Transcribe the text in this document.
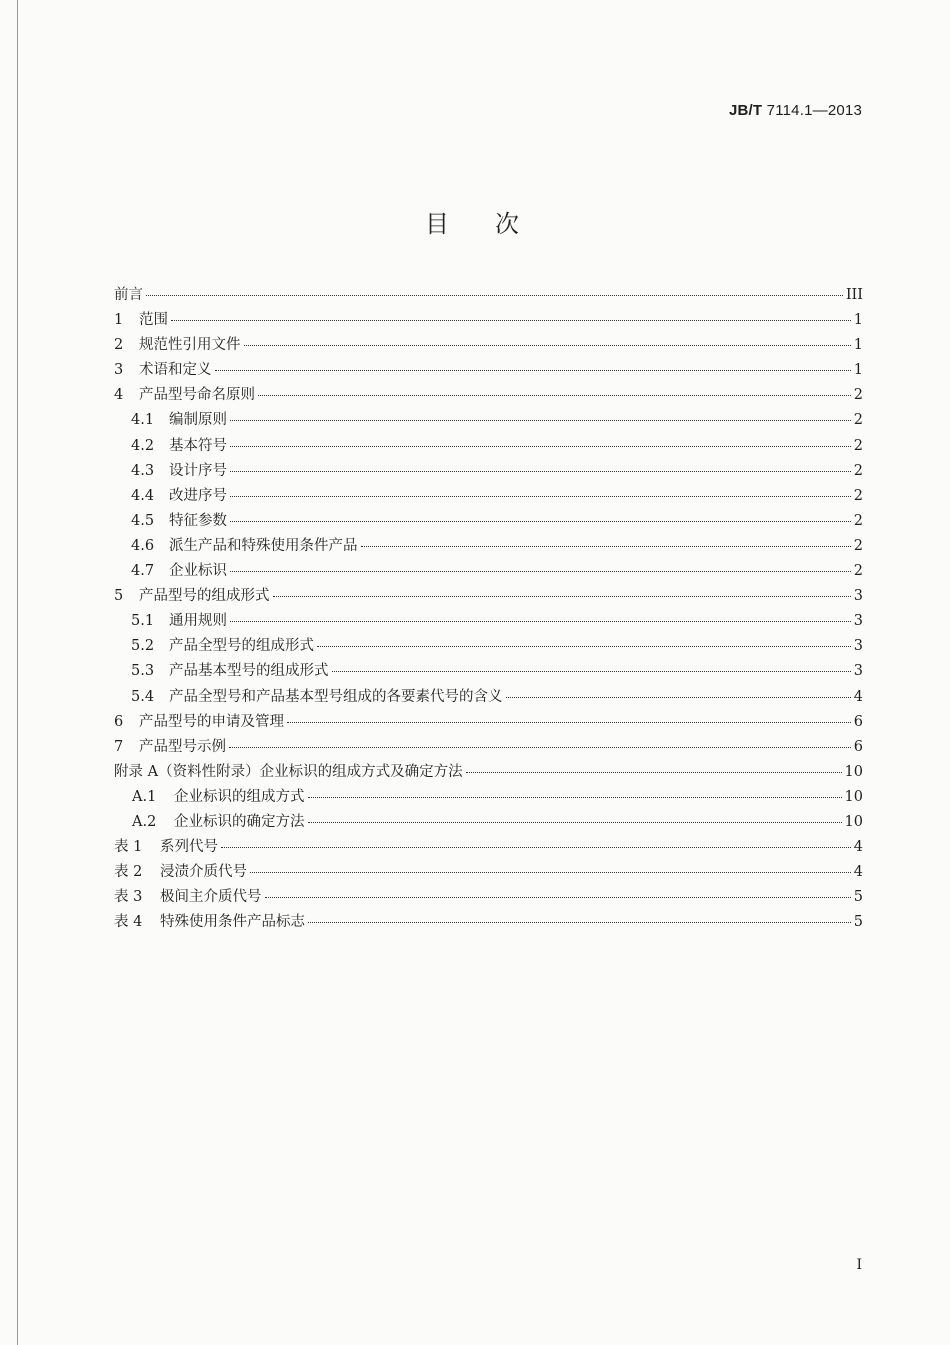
JB/T 7114.1—2013
目次
前言	III
1 范围	1
2 规范性引用文件	1
3 术语和定义	1
4 产品型号命名原则	2
4.1 编制原则	2
4.2 基本符号	2
4.3 设计序号	2
4.4 改进序号	2
4.5 特征参数	2
4.6 派生产品和特殊使用条件产品	2
4.7 企业标识	2
5 产品型号的组成形式	3
5.1 通用规则	3
5.2 产品全型号的组成形式	3
5.3 产品基本型号的组成形式	3
5.4 产品全型号和产品基本型号组成的各要素代号的含义	4
6 产品型号的申请及管理	6
7 产品型号示例	6
附录 A（资料性附录）企业标识的组成方式及确定方法	10
A.1 企业标识的组成方式	10
A.2 企业标识的确定方法	10
表 1 系列代号	4
表 2 浸渍介质代号	4
表 3 极间主介质代号	5
表 4 特殊使用条件产品标志	5
I
